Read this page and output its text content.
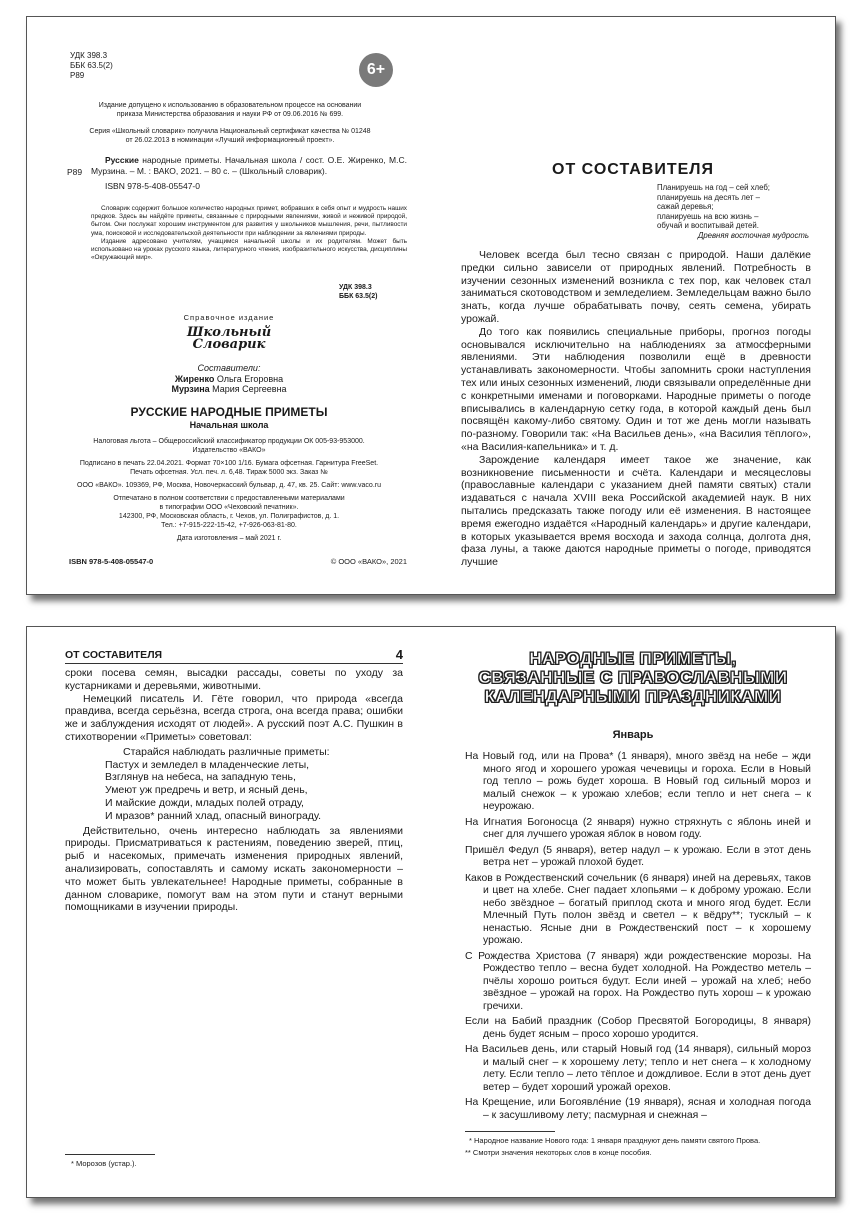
УДК 398.3
ББК 63.5(2)
Р89	6+
Издание допущено к использованию в образовательном процессе на основании приказа Министерства образования и науки РФ от 09.06.2016 № 699.
Серия «Школьный словарик» получила Национальный сертификат качества № 01248 от 26.02.2013 в номинации «Лучший информационный проект».
Р89
Русские народные приметы. Начальная школа / сост. О.Е. Жиренко, М.С. Мурзина. – М. : ВАКО, 2021. – 80 с. – (Школьный словарик).
ISBN 978-5-408-05547-0

Словарик содержит большое количество народных примет, вобравших в себя опыт и мудрость наших предков. Здесь вы найдёте приметы, связанные с природными явлениями, живой и неживой природой, бытом. Они послужат хорошим инструментом для развития у школьников мышления, речи, пытливости ума, поисковой и исследовательской деятельности при наблюдении за явлениями природы.

Издание адресовано учителям, учащимся начальной школы и их родителям. Может быть использовано на уроках русского языка, литературного чтения, изобразительного искусства, дисциплины «Окружающий мир».

УДК 398.3
ББК 63.5(2)
Справочное издание
Школьный
Словарик
Составители:
Жиренко Ольга Егоровна
Мурзина Мария Сергеевна
РУССКИЕ НАРОДНЫЕ ПРИМЕТЫ
Начальная школа
Налоговая льгота – Общероссийский классификатор продукции ОК 005-93-953000.
Издательство «ВАКО»
Подписано в печать 22.04.2021. Формат 70×100 1/16. Бумага офсетная. Гарнитура FreeSet.
Печать офсетная. Усл. печ. л. 6,48. Тираж 5000 экз. Заказ №
ООО «ВАКО». 109369, РФ, Москва, Новочеркасский бульвар, д. 47, кв. 25. Сайт: www.vaco.ru
Отпечатано в полном соответствии с предоставленными материалами
в типографии ООО «Чеховский печатник».
142300, РФ, Московская область, г. Чехов, ул. Полиграфистов, д. 1.
Тел.: +7-915-222-15-42, +7-926-063-81-80.
Дата изготовления – май 2021 г.
ISBN 978-5-408-05547-0	© ООО «ВАКО», 2021
ОТ СОСТАВИТЕЛЯ
Планируешь на год – сей хлеб;
планируешь на десять лет –
сажай деревья;
планируешь на всю жизнь –
обучай и воспитывай детей.
Древняя восточная мудрость

Человек всегда был тесно связан с природой. Наши далёкие предки сильно зависели от природных явлений. Потребность в изучении сезонных изменений возникла с тех пор, как человек стал заниматься скотоводством и земледелием. Земледельцам важно было знать, когда лучше обрабатывать почву, сеять семена, убирать урожай.

До того как появились специальные приборы, прогноз погоды основывался исключительно на наблюдениях за атмосферными явлениями. Эти наблюдения позволили ещё в древности устанавливать закономерности. Чтобы запомнить сроки наступления тех или иных сезонных изменений, люди связывали определённые дни с конкретными именами и поговорками. Народные приметы о погоде вписывались в календарную сетку года, в которой каждый день был посвящён какому-либо святому. Один и тот же день могли называть по-разному. Говорили так: «На Васильев день», «на Василия тёплого», «на Василия-капельника» и т. д.

Зарождение календаря имеет такое же значение, как возникновение письменности и счёта. Календари и месяцесловы (православные календари с указанием дней памяти святых) стали издаваться с начала XVIII века Российской академией наук. В них пытались предсказать также погоду или её изменения. В настоящее время ежегодно издаётся «Народный календарь» и другие календари, в которых указывается время восхода и захода солнца, долгота дня, фаза луны, а также даются народные приметы о погоде, приводятся лучшие

ОТ СОСТАВИТЕЛЯ	4

сроки посева семян, высадки рассады, советы по уходу за кустарниками и деревьями, животными.

Немецкий писатель И. Гёте говорил, что природа «всегда правдива, всегда серьёзна, всегда строга, она всегда права; ошибки же и заблуждения исходят от людей». А русский поэт А.С. Пушкин в стихотворении «Приметы» советовал:

Старайся наблюдать различные приметы:
Пастух и земледел в младенческие леты,
Взглянув на небеса, на западную тень,
Умеют уж предречь и ветр, и ясный день,
И майские дожди, младых полей отраду,
И мразов* ранний хлад, опасный винограду.

Действительно, очень интересно наблюдать за явлениями природы. Присматриваться к растениям, поведению зверей, птиц, рыб и насекомых, примечать изменения природных явлений, анализировать, сопоставлять и самому искать закономерности – что может быть увлекательнее! Народные приметы, собранные в данном словарике, помогут вам на этом пути и станут верными помощниками в изучении природы.

* Морозов (устар.).
НАРОДНЫЕ ПРИМЕТЫ,
СВЯЗАННЫЕ С ПРАВОСЛАВНЫМИ
КАЛЕНДАРНЫМИ ПРАЗДНИКАМИ
Январь

На Новый год, или на Прова* (1 января), много звёзд на небе – жди много ягод и хорошего урожая чечевицы и гороха. Если в Новый год тепло – рожь будет хороша. В Новый год сильный мороз и малый снежок – к урожаю хлебов; если тепло и нет снега – к неурожаю.

На Игнатия Богоносца (2 января) нужно стряхнуть с яблонь иней и снег для лучшего урожая яблок в новом году.

Пришёл Федул (5 января), ветер надул – к урожаю. Если в этот день ветра нет – урожай плохой будет.

Каков в Рождественский сочельник (6 января) иней на деревьях, таков и цвет на хлебе. Снег падает хлопьями – к доброму урожаю. Если небо звёздное – богатый приплод скота и много ягод будет. Если Млечный Путь полон звёзд и светел – к вёдру**; тусклый – к ненастью. Ясные дни в Рождественский пост – к хорошему урожаю.

С Рождества Христова (7 января) жди рождественские морозы. На Рождество тепло – весна будет холодной. На Рождество метель – пчёлы хорошо роиться будут. Если иней – урожай на хлеб; небо звёздное – урожай на горох. На Рождество путь хорош – к урожаю гречихи.

Если на Бабий праздник (Собор Пресвятой Богородицы, 8 января) день будет ясным – просо хорошо уродится.

На Васильев день, или старый Новый год (14 января), сильный мороз и малый снег – к хорошему лету; тепло и нет снега – к холодному лету. Если тепло – лето тёплое и дождливое. Если в этот день дует ветер – будет хороший урожай орехов.

На Крещение, или Богоявлéние (19 января), ясная и холодная погода – к засушливому лету; пасмурная и снежная –

* Народное название Нового года: 1 января празднуют день памяти святого Прова.
** Смотри значения некоторых слов в конце пособия.
